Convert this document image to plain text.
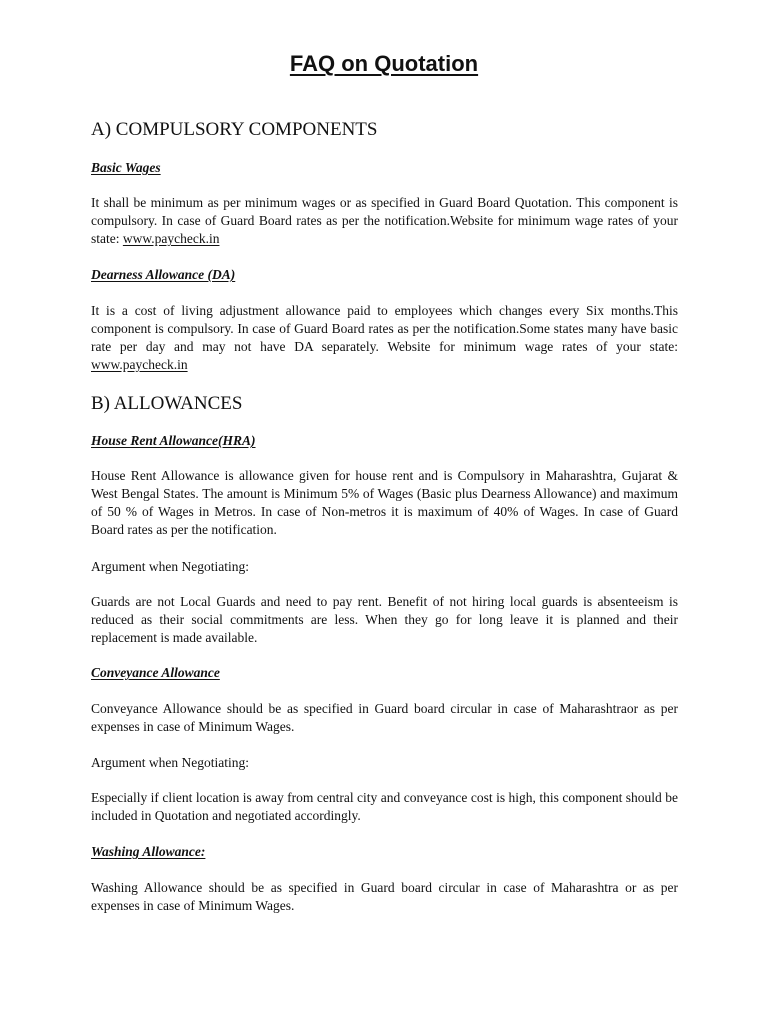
FAQ on Quotation
A) COMPULSORY COMPONENTS
Basic Wages
It shall be minimum as per minimum wages or as specified in Guard Board Quotation. This component is compulsory. In case of Guard Board rates as per the notification.Website for minimum wage rates of your state: www.paycheck.in
Dearness Allowance (DA)
It is a cost of living adjustment allowance paid to employees which changes every Six months.This component is compulsory. In case of Guard Board rates as per the notification.Some states many have basic rate per day and may not have DA separately. Website for minimum wage rates of your state: www.paycheck.in
B) ALLOWANCES
House Rent Allowance(HRA)
House Rent Allowance is allowance given for house rent and is Compulsory in Maharashtra, Gujarat & West Bengal States. The amount is Minimum 5% of Wages (Basic plus Dearness Allowance) and maximum of 50 % of Wages in Metros. In case of Non-metros it is maximum of 40% of Wages. In case of Guard Board rates as per the notification.
Argument when Negotiating:
Guards are not Local Guards and need to pay rent. Benefit of not hiring local guards is absenteeism is reduced as their social commitments are less. When they go for long leave it is planned and their replacement is made available.
Conveyance Allowance
Conveyance Allowance should be as specified in Guard board circular in case of Maharashtraor as per expenses in case of Minimum Wages.
Argument when Negotiating:
Especially if client location is away from central city and conveyance cost is high, this component should be included in Quotation and negotiated accordingly.
Washing Allowance:
Washing Allowance should be as specified in Guard board circular in case of Maharashtra or as per expenses in case of Minimum Wages.
